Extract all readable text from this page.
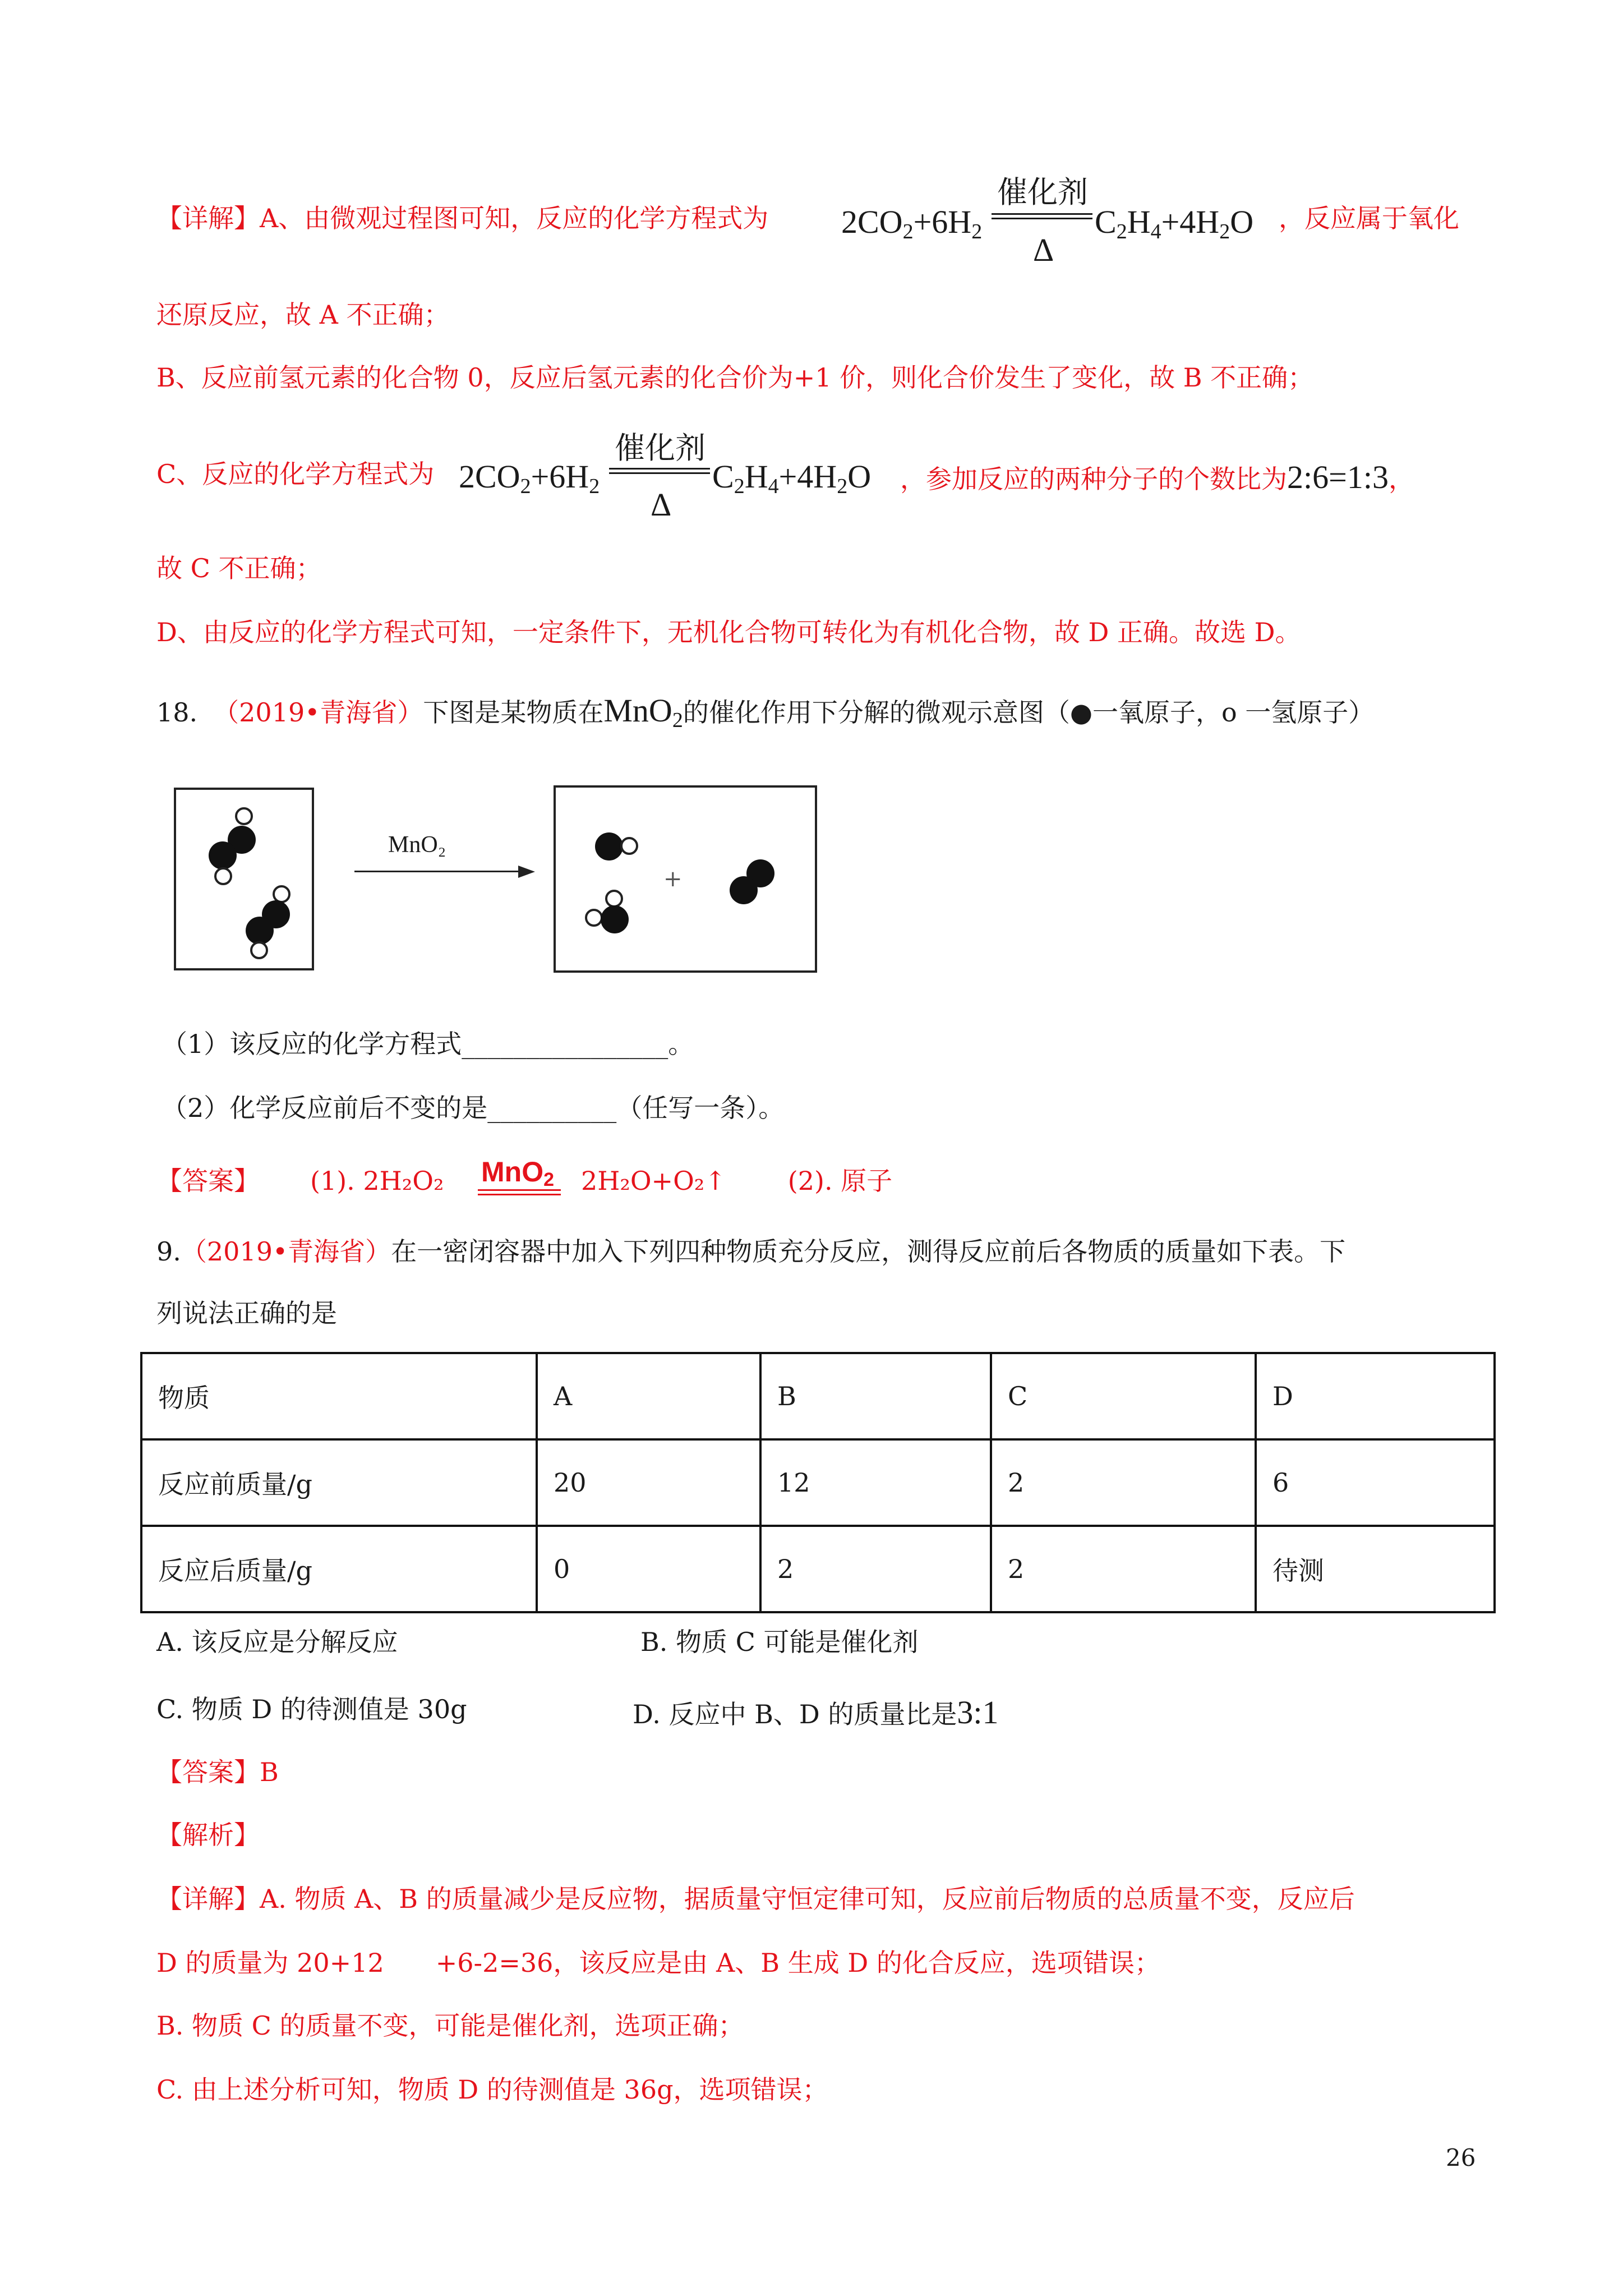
【详解】A、由微观过程图可知，反应的化学方程式为 $2CO_2+6H_2$
催化剂
Δ
$C_2H_4+4H_2O$ ，反应属于氧化
还原反应，故 A 不正确；
B、反应前氢元素的化合物 0，反应后氢元素的化合价为+1 价，则化合价发生了变化，故 B 不正确；
C、反应的化学方程式为 $2CO_2+6H_2$
催化剂
Δ
$C_2H_4+4H_2O$ ，参加反应的两种分子的个数比为2:6=1:3，
故 C 不正确；
D、由反应的化学方程式可知，一定条件下，无机化合物可转化为有机化合物，故 D 正确。故选 D。
18. （2019•青海省）下图是某物质在MnO$_2$的催化作用下分解的微观示意图（●一氧原子，o 一氢原子）
MnO₂
+
（1）该反应的化学方程式________________。
（2）化学反应前后不变的是__________（任写一条）。
【答案】 (1). 2H₂O₂ MnO$_2$ 2H₂O+O₂↑ (2). 原子
9.（2019•青海省）在一密闭容器中加入下列四种物质充分反应，测得反应前后各物质的质量如下表。下
列说法正确的是
物质	A	B	C	D
反应前质量/g	20	12	2	6
反应后质量/g	0	2	2	待测
A. 该反应是分解反应	B. 物质 C 可能是催化剂
C. 物质 D 的待测值是 30g	D. 反应中 B、D 的质量比是3:1
【答案】B
【解析】
【详解】A. 物质 A、B 的质量减少是反应物，据质量守恒定律可知，反应前后物质的总质量不变，反应后
D 的质量为 20+12　　+6-2=36，该反应是由 A、B 生成 D 的化合反应，选项错误；
B. 物质 C 的质量不变，可能是催化剂，选项正确；
C. 由上述分析可知，物质 D 的待测值是 36g，选项错误；
26
